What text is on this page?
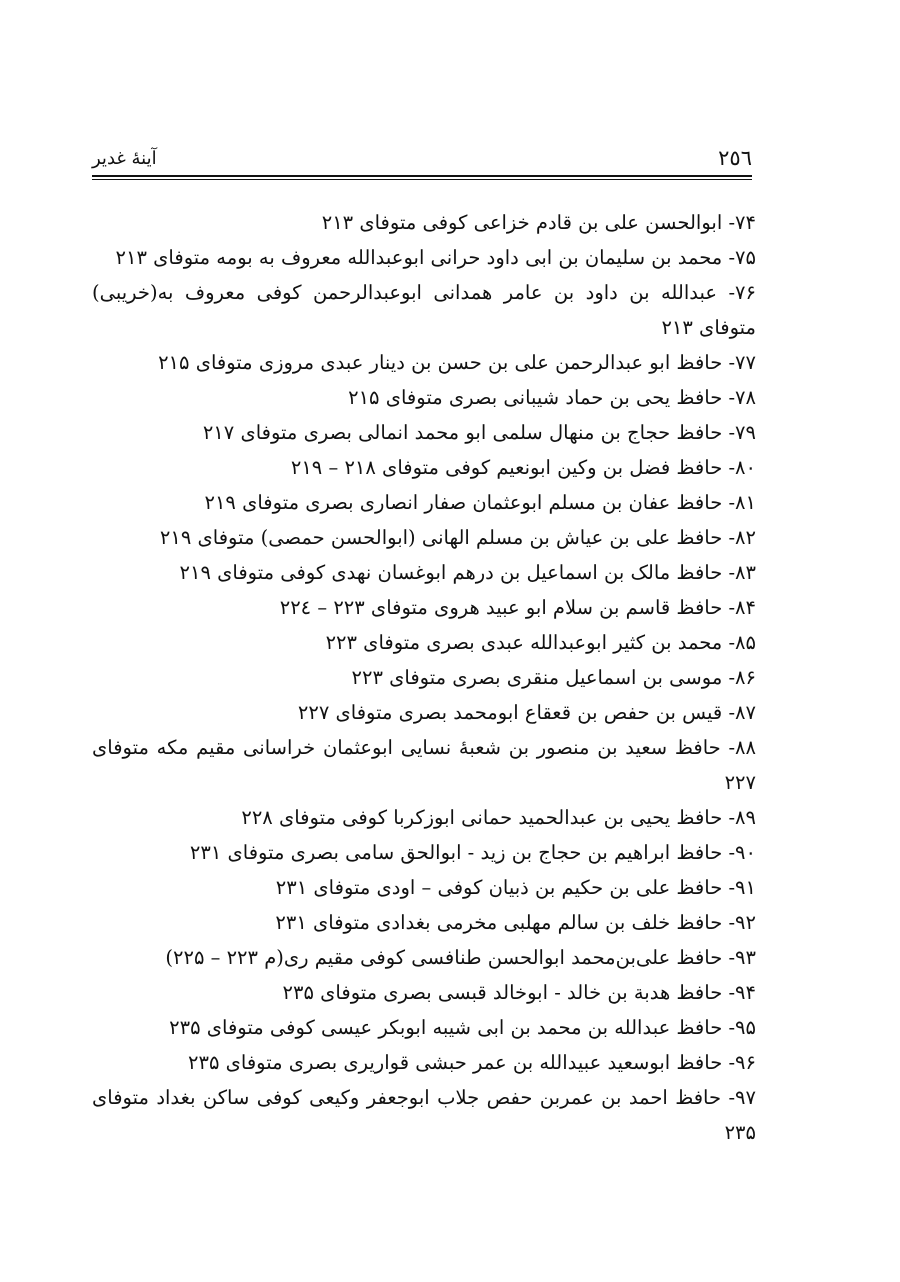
۲٥٦
آينهٔ غدير
۷۴- ابوالحسن علی بن قادم خزاعی کوفی متوفای ۲۱۳
۷۵- محمد بن سلیمان بن ابی داود حرانی ابوعبدالله معروف به بومه متوفای ۲۱۳
۷۶- عبدالله بن داود بن عامر همدانی ابوعبدالرحمن کوفی معروف به(خریبی) متوفای ۲۱۳
۷۷- حافظ ابو عبدالرحمن علی بن حسن بن دینار عبدی مروزی متوفای ۲۱۵
۷۸- حافظ یحی بن حماد شیبانی بصری متوفای ۲۱۵
۷۹- حافظ حجاج بن منهال سلمی ابو محمد انمالی بصری متوفای ۲۱۷
۸۰- حافظ فضل بن وکین ابونعیم کوفی متوفای ۲۱۸ – ۲۱۹
۸۱- حافظ عفان بن مسلم ابوعثمان صفار انصاری بصری متوفای ۲۱۹
۸۲- حافظ علی بن عیاش بن مسلم الهانی (ابوالحسن حمصی) متوفای ۲۱۹
۸۳- حافظ مالک بن اسماعیل بن درهم ابوغسان نهدی کوفی متوفای ۲۱۹
۸۴- حافظ قاسم بن سلام ابو عبید هروی متوفای ۲۲۳ – ۲۲٤
۸۵- محمد بن کثیر ابوعبدالله عبدی بصری متوفای ۲۲۳
۸۶- موسی بن اسماعیل منقری بصری متوفای ۲۲۳
۸۷- قیس بن حفص بن قعقاع ابومحمد بصری متوفای ۲۲۷
۸۸- حافظ سعید بن منصور بن شعبهٔ نسایی ابوعثمان خراسانی مقیم مکه متوفای ۲۲۷
۸۹- حافظ یحیی بن عبدالحمید حمانی ابوزکربا کوفی متوفای ۲۲۸
۹۰- حافظ ابراهیم بن حجاج بن زید - ابوالحق سامی بصری متوفای ۲۳۱
۹۱- حافظ علی بن حکیم بن ذبیان کوفی – اودی متوفای ۲۳۱
۹۲- حافظ خلف بن سالم مهلبی مخرمی بغدادی متوفای ۲۳۱
۹۳- حافظ علی‌بن‌محمد ابوالحسن طنافسی کوفی مقیم ری(م ۲۲۳ – ۲۲۵)
۹۴- حافظ هدبة بن خالد - ابوخالد قبسی بصری متوفای ۲۳۵
۹۵- حافظ عبدالله بن محمد بن ابی شیبه ابوبکر عیسی کوفی متوفای ۲۳۵
۹۶- حافظ ابوسعید عبیدالله بن عمر حبشی قواریری بصری متوفای ۲۳۵
۹۷- حافظ احمد بن عمربن حفص جلاب ابوجعفر وکیعی کوفی ساکن بغداد متوفای ۲۳۵
